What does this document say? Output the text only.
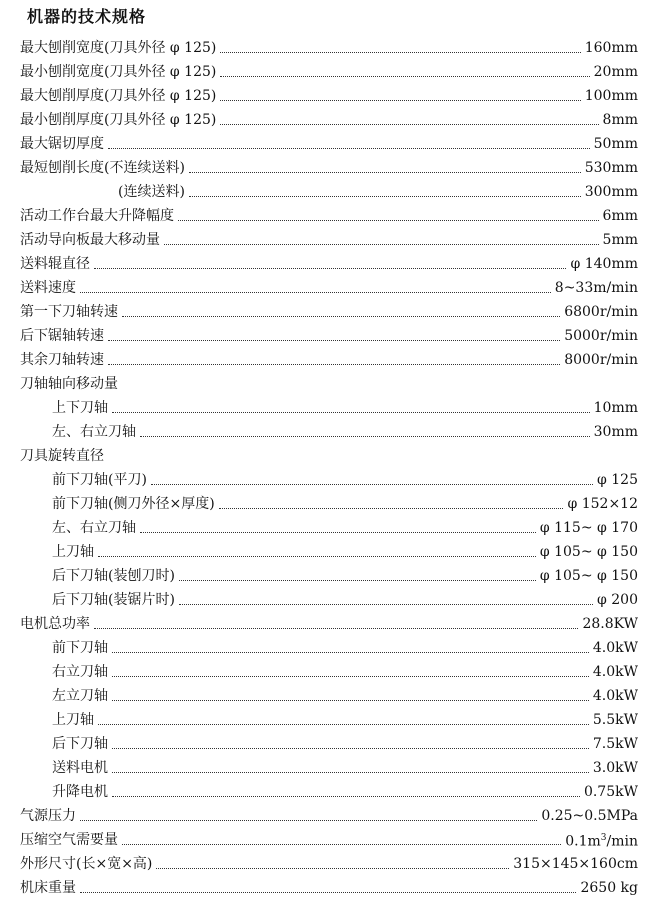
机器的技术规格
最大刨削宽度(刀具外径 φ 125)	160mm
最小刨削宽度(刀具外径 φ 125)	20mm
最大刨削厚度(刀具外径 φ 125)	100mm
最小刨削厚度(刀具外径 φ 125)	8mm
最大锯切厚度	50mm
最短刨削长度(不连续送料)	530mm
(连续送料)	300mm
活动工作台最大升降幅度	6mm
活动导向板最大移动量	5mm
送料辊直径	φ 140mm
送料速度	8~33m/min
第一下刀轴转速	6800r/min
后下锯轴转速	5000r/min
其余刀轴转速	8000r/min
刀轴轴向移动量
上下刀轴	10mm
左、右立刀轴	30mm
刀具旋转直径
前下刀轴(平刀)	φ 125
前下刀轴(侧刀外径×厚度)	φ 152×12
左、右立刀轴	φ 115~ φ 170
上刀轴	φ 105~ φ 150
后下刀轴(装刨刀时)	φ 105~ φ 150
后下刀轴(装锯片时)	φ 200
电机总功率	28.8KW
前下刀轴	4.0kW
右立刀轴	4.0kW
左立刀轴	4.0kW
上刀轴	5.5kW
后下刀轴	7.5kW
送料电机	3.0kW
升降电机	0.75kW
气源压力	0.25~0.5MPa
压缩空气需要量	$0.1m^3/\min$
外形尺寸(长×宽×高)	315×145×160cm
机床重量	2650 kg
